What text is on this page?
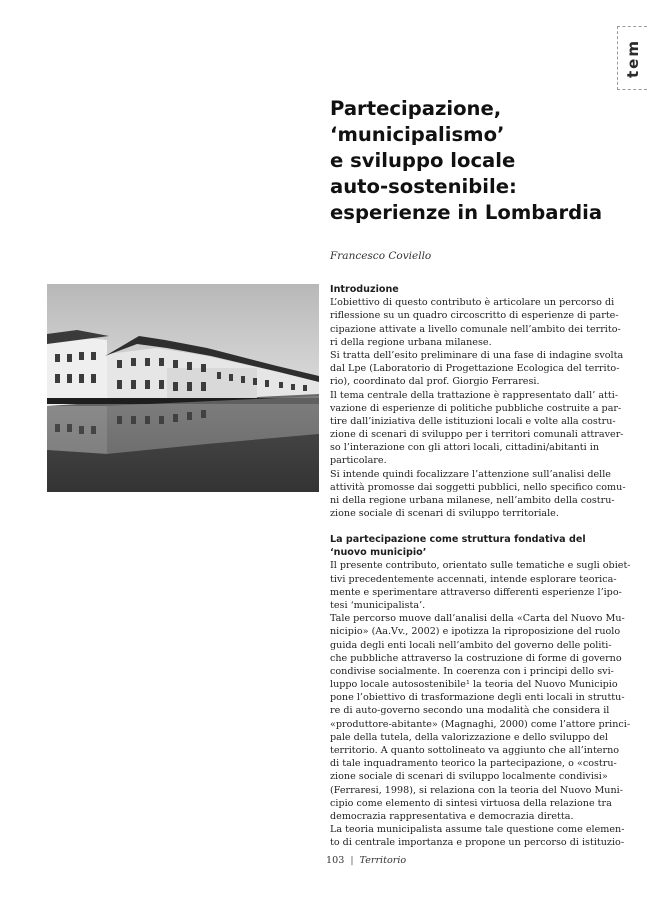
tem
Partecipazione,
‘municipalismo’
e sviluppo locale
auto-sostenibile:
esperienze in Lombardia
Francesco Coviello
Introduzione
L’obiettivo di questo contributo è articolare un percorso di
riflessione su un quadro circoscritto di esperienze di parte-
cipazione attivate a livello comunale nell’ambito dei territo-
ri della regione urbana milanese.
Si tratta dell’esito preliminare di una fase di indagine svolta
dal Lpe (Laboratorio di Progettazione Ecologica del territo-
rio), coordinato dal prof. Giorgio Ferraresi.
Il tema centrale della trattazione è rappresentato dall’ atti-
vazione di esperienze di politiche pubbliche costruite a par-
tire dall’iniziativa delle istituzioni locali e volte alla costru-
zione di scenari di sviluppo per i territori comunali attraver-
so l’interazione con gli attori locali, cittadini/abitanti in
particolare.
Si intende quindi focalizzare l’attenzione sull’analisi delle
attività promosse dai soggetti pubblici, nello specifico comu-
ni della regione urbana milanese, nell’ambito della costru-
zione sociale di scenari di sviluppo territoriale.
La partecipazione come struttura fondativa del
‘nuovo municipio’
Il presente contributo, orientato sulle tematiche e sugli obiet-
tivi precedentemente accennati, intende esplorare teorica-
mente e sperimentare attraverso differenti esperienze l’ipo-
tesi ‘municipalista’.
Tale percorso muove dall’analisi della «Carta del Nuovo Mu-
nicipio» (Aa.Vv., 2002) e ipotizza la riproposizione del ruolo
guida degli enti locali nell’ambito del governo delle politi-
che pubbliche attraverso la costruzione di forme di governo
condivise socialmente. In coerenza con i principi dello svi-
luppo locale autosostenibile¹ la teoria del Nuovo Municipio
pone l’obiettivo di trasformazione degli enti locali in struttu-
re di auto-governo secondo una modalità che considera il
«produttore-abitante» (Magnaghi, 2000) come l’attore princi-
pale della tutela, della valorizzazione e dello sviluppo del
territorio. A quanto sottolineato va aggiunto che all’interno
di tale inquadramento teorico la partecipazione, o «costru-
zione sociale di scenari di sviluppo localmente condivisi»
(Ferraresi, 1998), si relaziona con la teoria del Nuovo Muni-
cipio come elemento di sintesi virtuosa della relazione tra
democrazia rappresentativa e democrazia diretta.
La teoria municipalista assume tale questione come elemen-
to di centrale importanza e propone un percorso di istituzio-
103 | Territorio
